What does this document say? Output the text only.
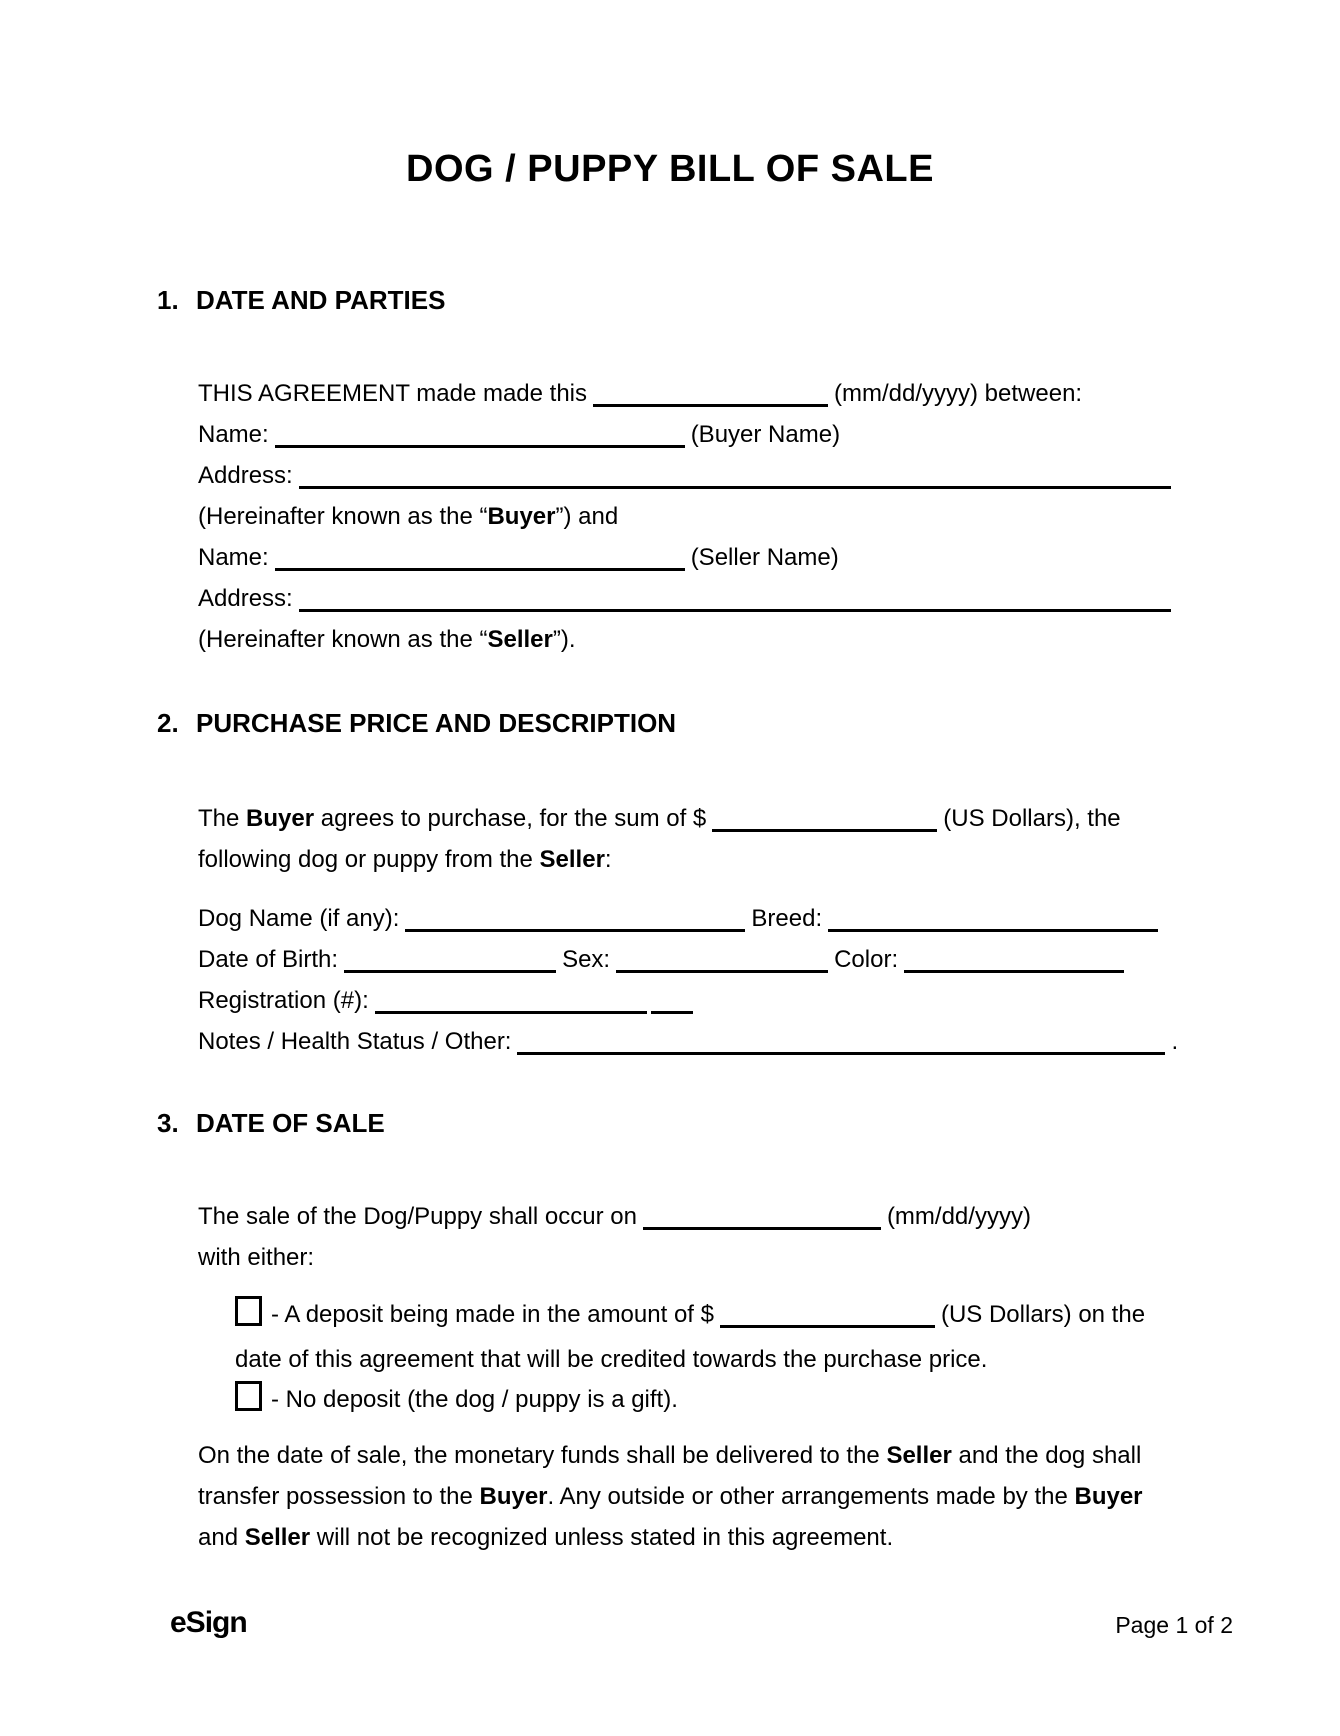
DOG / PUPPY BILL OF SALE
1. DATE AND PARTIES
THIS AGREEMENT made made this	(mm/dd/yyyy) between:
Name:	(Buyer Name)
Address:
(Hereinafter known as the “Buyer”) and
Name:	(Seller Name)
Address:
(Hereinafter known as the “Seller”).
2. PURCHASE PRICE AND DESCRIPTION
The Buyer agrees to purchase, for the sum of $	(US Dollars), the
following dog or puppy from the Seller:
Dog Name (if any):	Breed:
Date of Birth:	Sex:	Color:
Registration (#):
Notes / Health Status / Other:	.
3. DATE OF SALE
The sale of the Dog/Puppy shall occur on	(mm/dd/yyyy)
with either:
- A deposit being made in the amount of $	(US Dollars) on the
date of this agreement that will be credited towards the purchase price.
- No deposit (the dog / puppy is a gift).
On the date of sale, the monetary funds shall be delivered to the Seller and the dog shall
transfer possession to the Buyer. Any outside or other arrangements made by the Buyer
and Seller will not be recognized unless stated in this agreement.
eSign	Page 1 of 2
